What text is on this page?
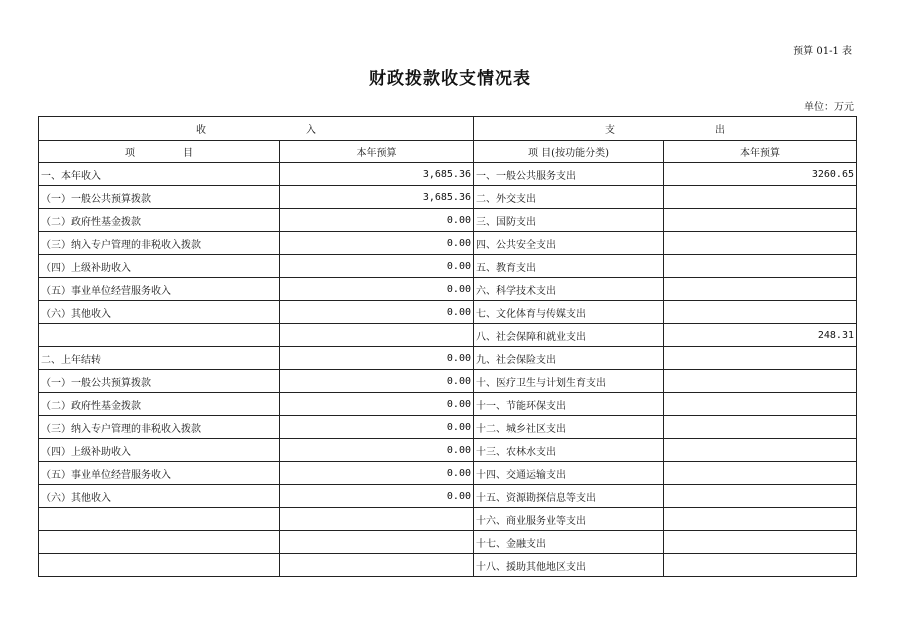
预算 01-1 表
财政拨款收支情况表
单位：万元
收 入		支 出	
项 目	本年预算	项 目(按功能分类)	本年预算
一、本年收入	3,685.36	一、一般公共服务支出	3260.65
（一）一般公共预算拨款	3,685.36	二、外交支出	
（二）政府性基金拨款	0.00	三、国防支出	
（三）纳入专户管理的非税收入拨款	0.00	四、公共安全支出	
（四）上级补助收入	0.00	五、教育支出	
（五）事业单位经营服务收入	0.00	六、科学技术支出	
（六）其他收入	0.00	七、文化体育与传媒支出	
		八、社会保障和就业支出	248.31
二、上年结转	0.00	九、社会保险支出	
（一）一般公共预算拨款	0.00	十、医疗卫生与计划生育支出	
（二）政府性基金拨款	0.00	十一、节能环保支出	
（三）纳入专户管理的非税收入拨款	0.00	十二、城乡社区支出	
（四）上级补助收入	0.00	十三、农林水支出	
（五）事业单位经营服务收入	0.00	十四、交通运输支出	
（六）其他收入	0.00	十五、资源勘探信息等支出	
		十六、商业服务业等支出	
		十七、金融支出	
		十八、援助其他地区支出	
